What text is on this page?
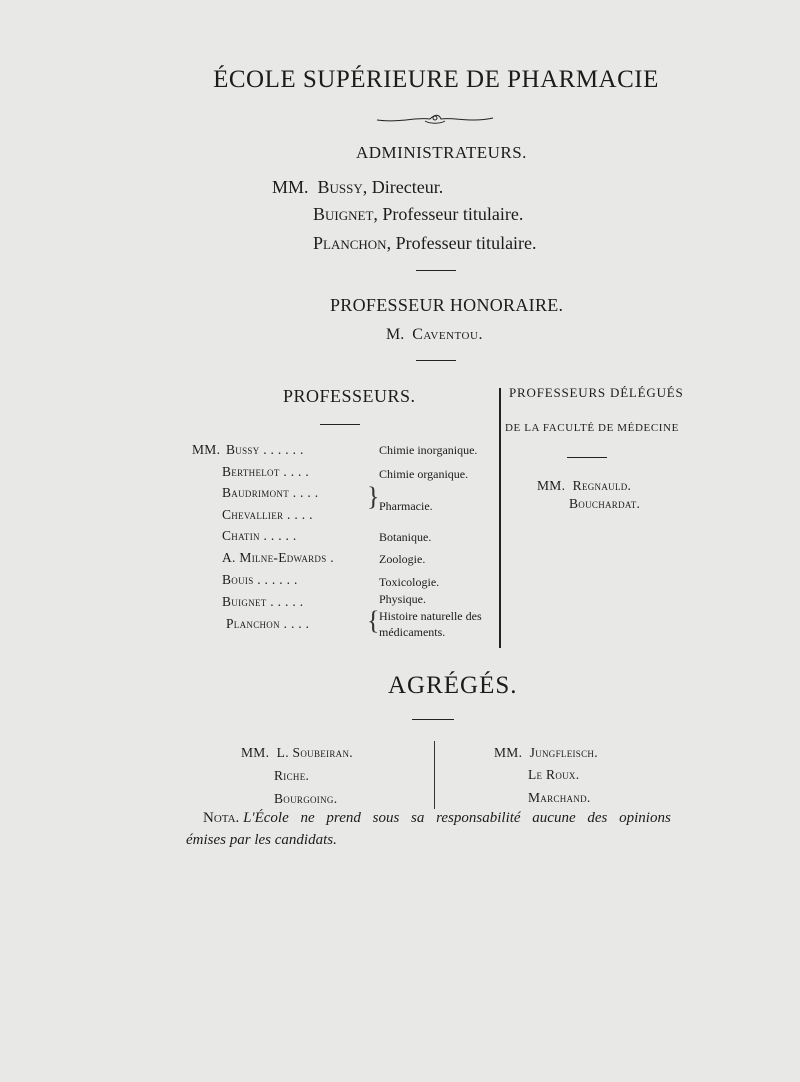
ÉCOLE SUPÉRIEURE DE PHARMACIE
ADMINISTRATEURS.
MM. Bussy, Directeur.
Buignet, Professeur titulaire.
Planchon, Professeur titulaire.
PROFESSEUR HONORAIRE.
M. Caventou.
PROFESSEURS.
MM. Bussy . . . . . .
Berthelot . . . .
Baudrimont . . . .
Chevallier . . . .
Chatin . . . . .
A. Milne-Edwards .
Bouis . . . . . .
Buignet . . . . .
Planchon . . . .
Chimie inorganique.
Chimie organique.
} Pharmacie.
Botanique.
Zoologie.
Toxicologie.
Physique.
{ Histoire naturelle des
médicaments.
PROFESSEURS DÉLÉGUÉS
DE LA FACULTÉ DE MÉDECINE
MM. Regnauld.
Bouchardat.
AGRÉGÉS.
MM. L. Soubeiran.
Riche.
Bourgoing.
MM. Jungfleisch.
Le Roux.
Marchand.
Nota. L'École ne prend sous sa responsabilité aucune des opinions
émises par les candidats.
